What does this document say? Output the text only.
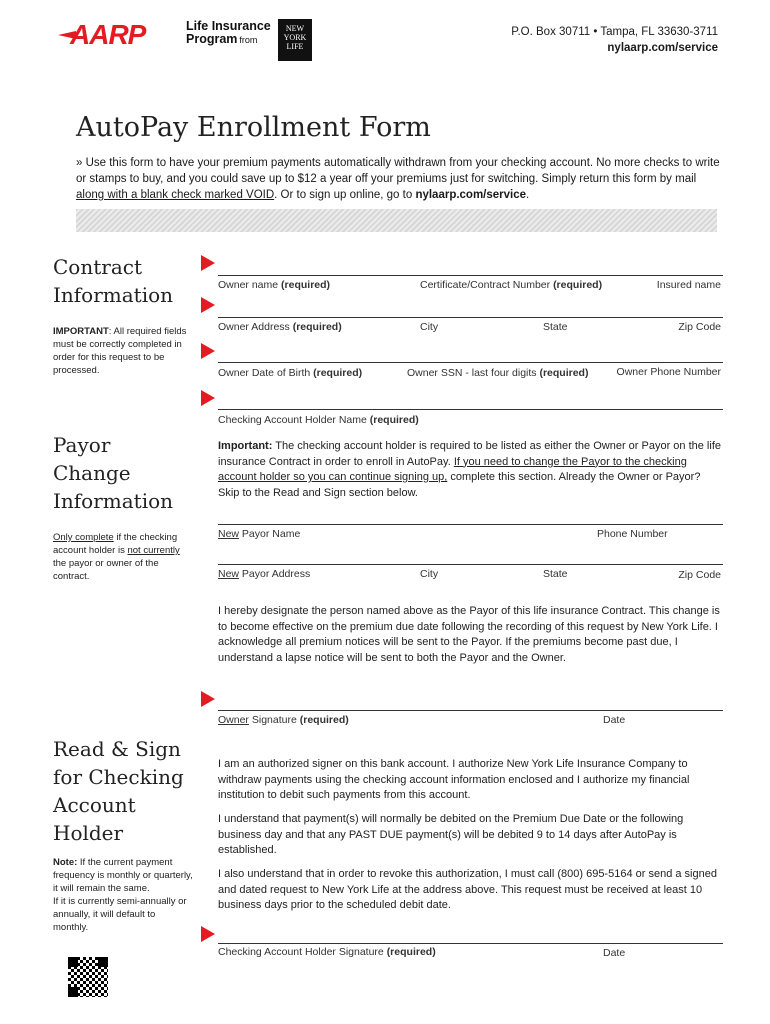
AARP	Life Insurance
Program from
NEW
YORK
LIFE
P.O. Box 30711 • Tampa, FL 33630-3711
nylaarp.com/service
AutoPay Enrollment Form
» Use this form to have your premium payments automatically withdrawn from your checking account. No more checks to write or stamps to buy, and you could save up to $12 a year off your premiums just for switching. Simply return this form by mail along with a blank check marked VOID. Or to sign up online, go to nylaarp.com/service.
Contract
Information
IMPORTANT: All required fields must be correctly completed in order for this request to be processed.
Owner name (required)	Certificate/Contract Number (required)	Insured name
Owner Address (required)	City	State	Zip Code
Owner Date of Birth (required)	Owner SSN - last four digits (required)	Owner Phone Number
Checking Account Holder Name (required)
Payor
Change
Information
Only complete if the checking account holder is not currently the payor or owner of the contract.
Important: The checking account holder is required to be listed as either the Owner or Payor on the life insurance Contract in order to enroll in AutoPay. If you need to change the Payor to the checking account holder so you can continue signing up, complete this section. Already the Owner or Payor? Skip to the Read and Sign section below.
New Payor Name	Phone Number
New Payor Address	City	State	Zip Code
I hereby designate the person named above as the Payor of this life insurance Contract. This change is to become effective on the premium due date following the recording of this request by New York Life. I acknowledge all premium notices will be sent to the Payor. If the premiums become past due, I understand a lapse notice will be sent to both the Payor and the Owner.
Owner Signature (required)	Date
Read & Sign
for Checking
Account
Holder
Note: If the current payment frequency is monthly or quarterly, it will remain the same.
If it is currently semi-annually or annually, it will default to monthly.
I am an authorized signer on this bank account. I authorize New York Life Insurance Company to withdraw payments using the checking account information enclosed and I authorize my financial institution to debit such payments from this account.
I understand that payment(s) will normally be debited on the Premium Due Date or the following business day and that any PAST DUE payment(s) will be debited 9 to 14 days after AutoPay is established.
I also understand that in order to revoke this authorization, I must call (800) 695-5164 or send a signed and dated request to New York Life at the address above. This request must be received at least 10 business days prior to the scheduled debit date.
Checking Account Holder Signature (required)	Date
